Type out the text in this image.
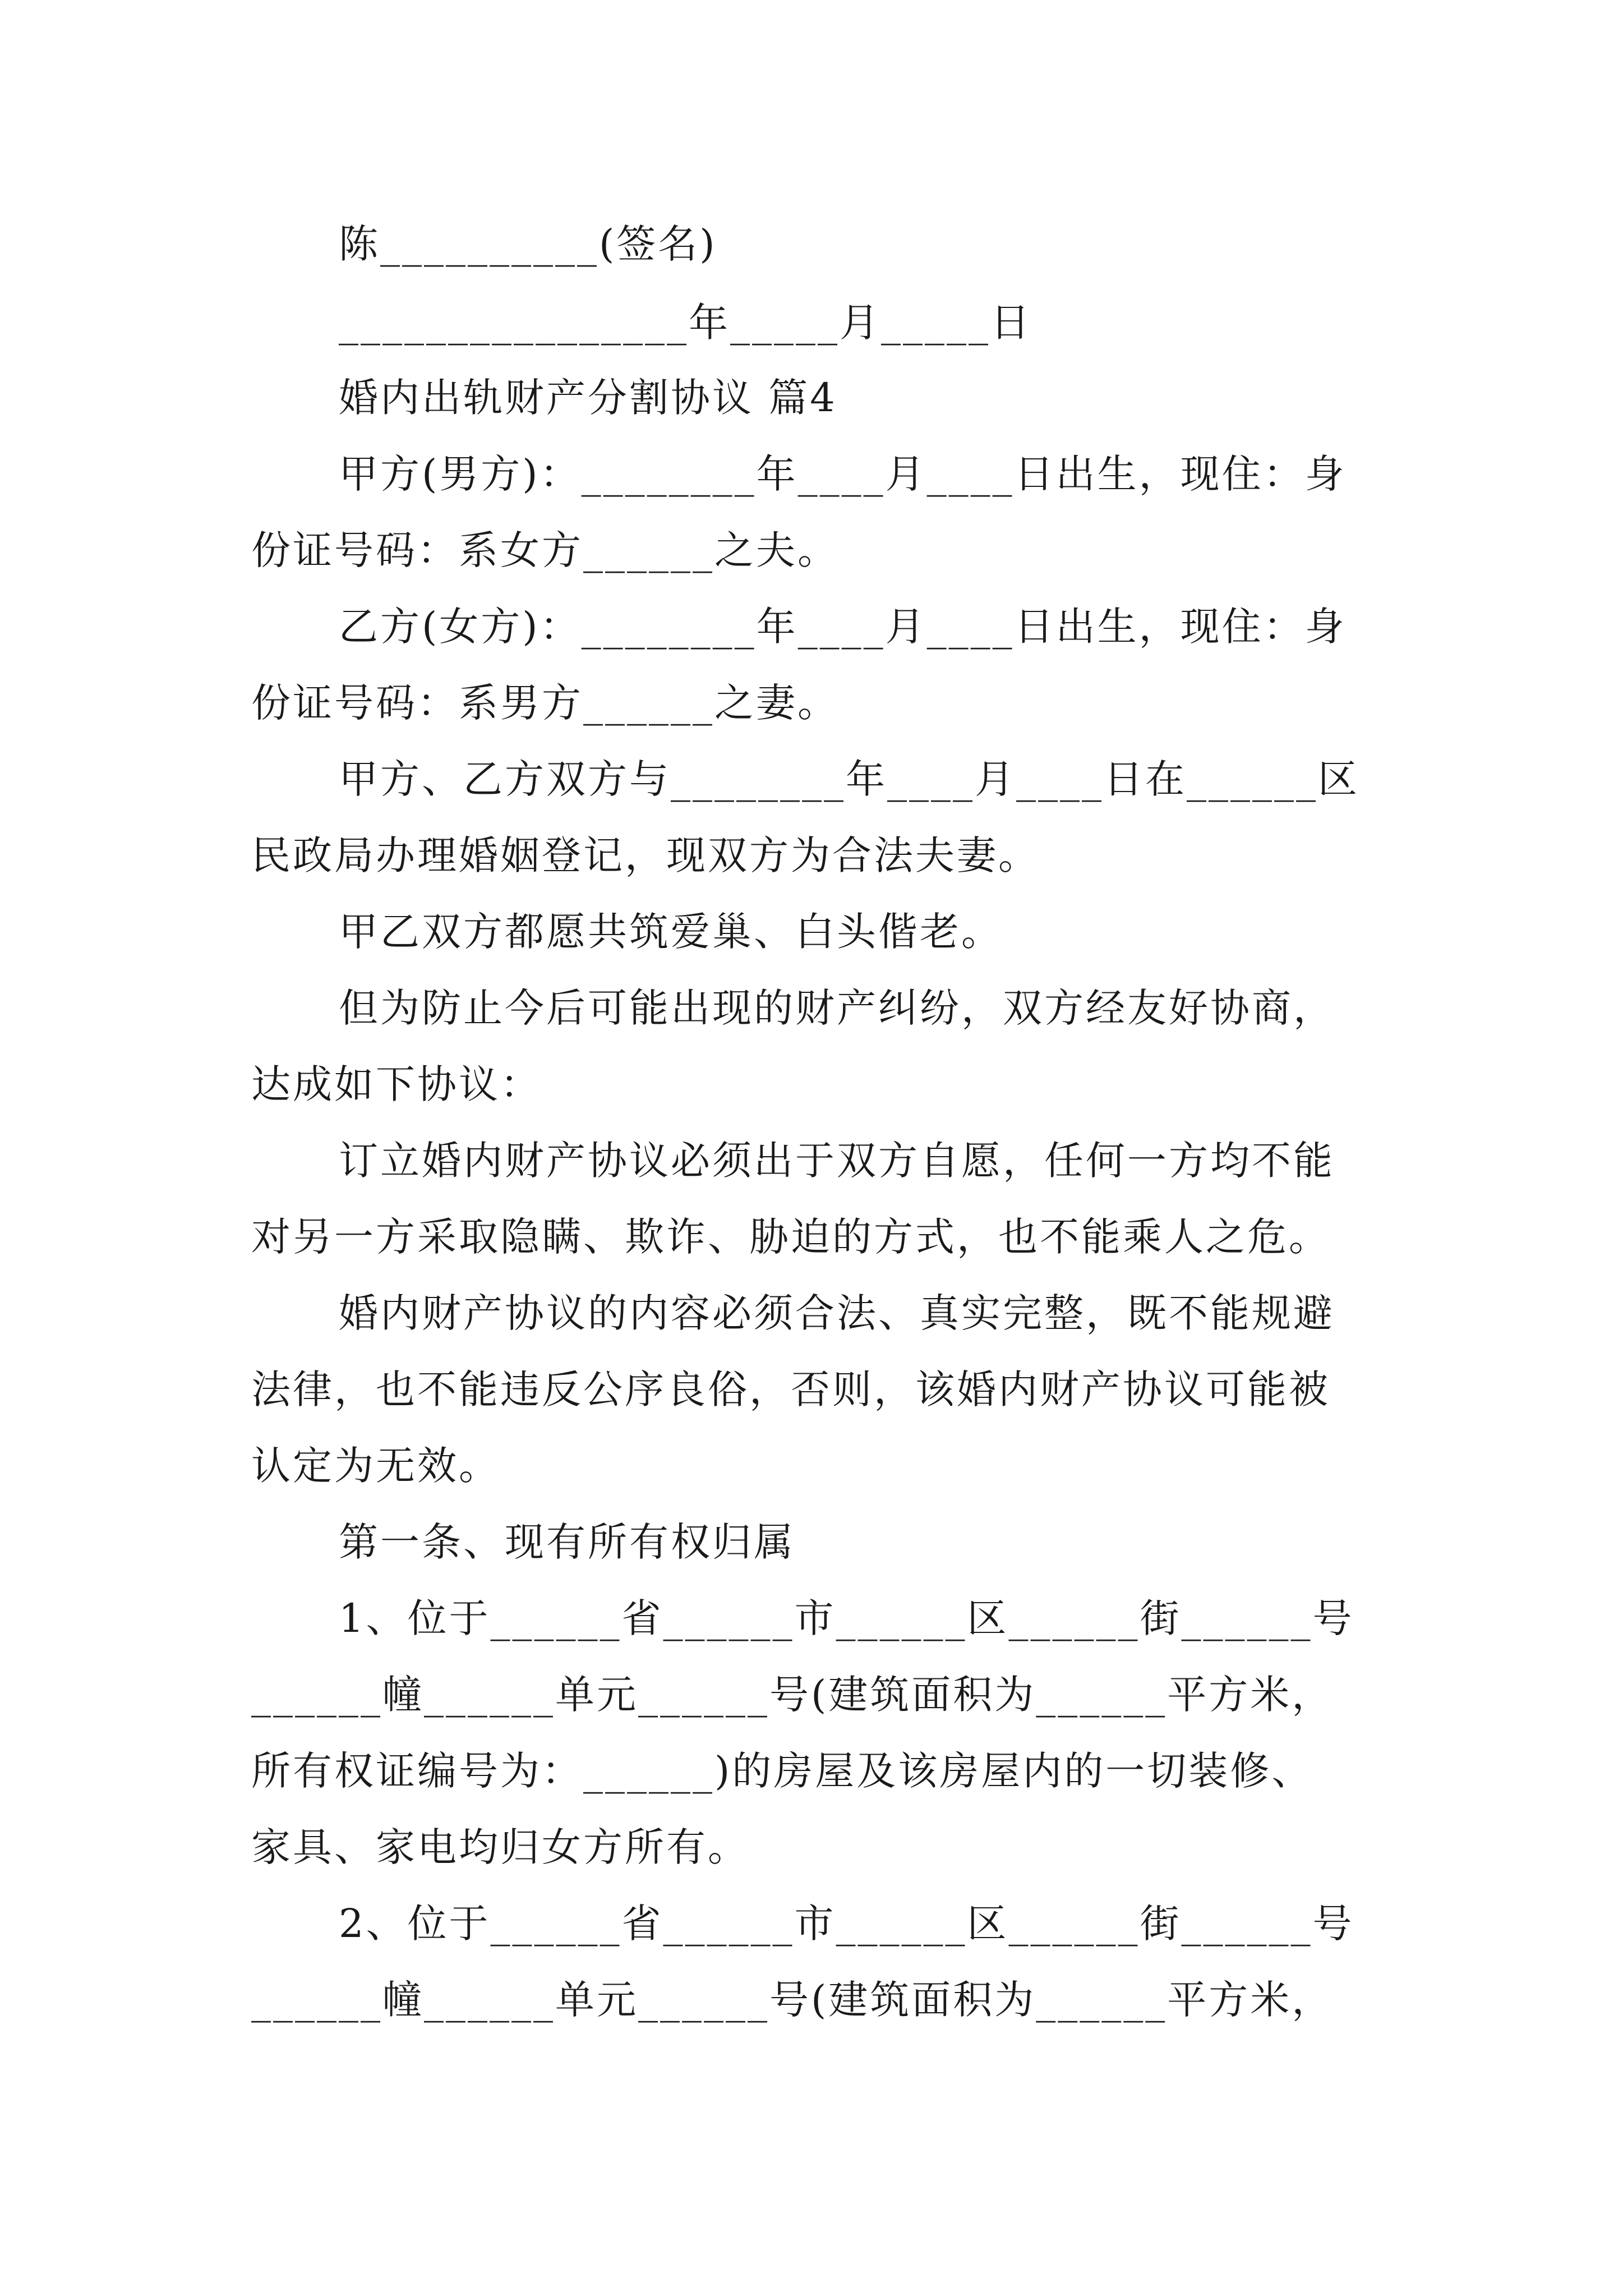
陈__________(签名)
________________年_____月_____日
婚内出轨财产分割协议 篇4
甲方(男方)：________年____月____日出生，现住：身
份证号码：系女方______之夫。
乙方(女方)：________年____月____日出生，现住：身
份证号码：系男方______之妻。
甲方、乙方双方与________年____月____日在______区
民政局办理婚姻登记，现双方为合法夫妻。
甲乙双方都愿共筑爱巢、白头偕老。
但为防止今后可能出现的财产纠纷，双方经友好协商，
达成如下协议：
订立婚内财产协议必须出于双方自愿，任何一方均不能
对另一方采取隐瞒、欺诈、胁迫的方式，也不能乘人之危。
婚内财产协议的内容必须合法、真实完整，既不能规避
法律，也不能违反公序良俗，否则，该婚内财产协议可能被
认定为无效。
第一条、现有所有权归属
1、位于______省______市______区______街______号
______幢______单元______号(建筑面积为______平方米，
所有权证编号为：______)的房屋及该房屋内的一切装修、
家具、家电均归女方所有。
2、位于______省______市______区______街______号
______幢______单元______号(建筑面积为______平方米，
